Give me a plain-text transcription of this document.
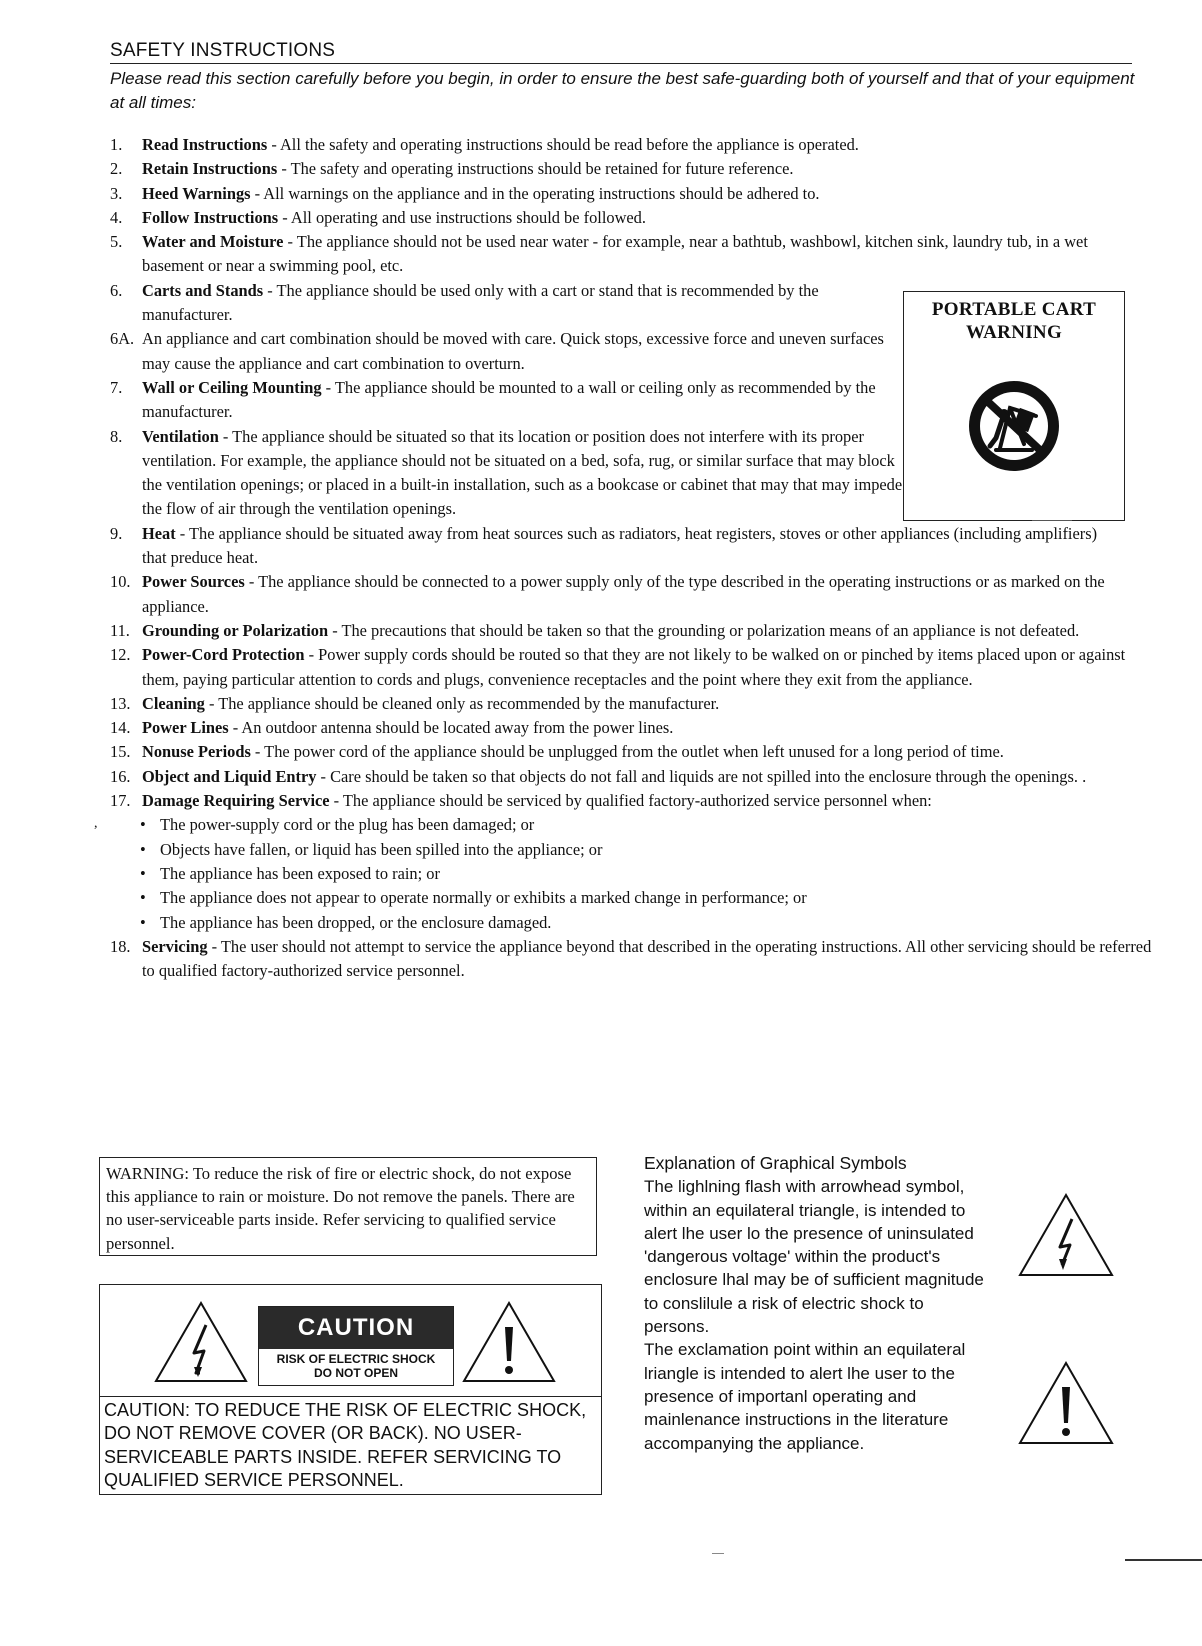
SAFETY INSTRUCTIONS
Please read this section carefully before you begin, in order to ensure the best safe-guarding both of yourself and that of your equipment at all times:
,
1. Read Instructions - All the safety and operating instructions should be read before the appliance is operated.
2. Retain Instructions - The safety and operating instructions should be retained for future reference.
3. Heed Warnings - All warnings on the appliance and in the operating instructions should be adhered to.
4. Follow Instructions - All operating and use instructions should be followed.
5. Water and Moisture - The appliance should not be used near water - for example, near a bathtub, washbowl, kitchen sink, laundry tub, in a wet basement or near a swimming pool, etc.
6. Carts and Stands - The appliance should be used only with a cart or stand that is recommended by the manufacturer.
6A. An appliance and cart combination should be moved with care. Quick stops, excessive force and uneven surfaces may cause the appliance and cart combination to overturn.
7. Wall or Ceiling Mounting - The appliance should be mounted to a wall or ceiling only as recommended by the manufacturer.
8. Ventilation - The appliance should be situated so that its location or position does not interfere with its proper ventilation. For example, the appliance should not be situated on a bed, sofa, rug, or similar surface that may block the ventilation openings; or placed in a built-in installation, such as a bookcase or cabinet that may that may impede the flow of air through the ventilation openings.
9. Heat - The appliance should be situated away from heat sources such as radiators, heat registers, stoves or other appliances (including amplifiers) that preduce heat.
10. Power Sources - The appliance should be connected to a power supply only of the type described in the operating instructions or as marked on the appliance.
11. Grounding or Polarization - The precautions that should be taken so that the grounding or polarization means of an appliance is not defeated.
12. Power-Cord Protection - Power supply cords should be routed so that they are not likely to be walked on or pinched by items placed upon or against them, paying particular attention to cords and plugs, convenience receptacles and the point where they exit from the appliance.
13. Cleaning - The appliance should be cleaned only as recommended by the manufacturer.
14. Power Lines - An outdoor antenna should be located away from the power lines.
15. Nonuse Periods - The power cord of the appliance should be unplugged from the outlet when left unused for a long period of time.
16. Object and Liquid Entry - Care should be taken so that objects do not fall and liquids are not spilled into the enclosure through the openings. .
17. Damage Requiring Service - The appliance should be serviced by qualified factory-authorized service personnel when:
• The power-supply cord or the plug has been damaged; or
• Objects have fallen, or liquid has been spilled into the appliance; or
• The appliance has been exposed to rain; or
• The appliance does not appear to operate normally or exhibits a marked change in performance; or
• The appliance has been dropped, or the enclosure damaged.
18. Servicing - The user should not attempt to service the appliance beyond that described in the operating instructions. All other servicing should be referred to qualified factory-authorized service personnel.
PORTABLE CART
WARNING
WARNING: To reduce the risk of fire or electric shock, do not expose this appliance to rain or moisture. Do not remove the panels. There are no user-serviceable parts inside. Refer servicing to qualified service personnel.
CAUTION
RISK OF ELECTRIC SHOCK
DO NOT OPEN
CAUTION: TO REDUCE THE RISK OF ELECTRIC SHOCK, DO NOT REMOVE COVER (OR BACK). NO USER-SERVICEABLE PARTS INSIDE. REFER SERVICING TO QUALIFIED SERVICE PERSONNEL.
Explanation of Graphical Symbols

The lighlning flash with arrowhead symbol, within an equilateral triangle, is intended to alert lhe user lo the presence of uninsulated 'dangerous voltage' within the product's enclosure lhal may be of sufficient magnitude to conslilule a risk of electric shock to persons.

The exclamation point within an equilateral lriangle is intended to alert lhe user to the presence of importanl operating and mainlenance instructions in the literature accompanying the appliance.
